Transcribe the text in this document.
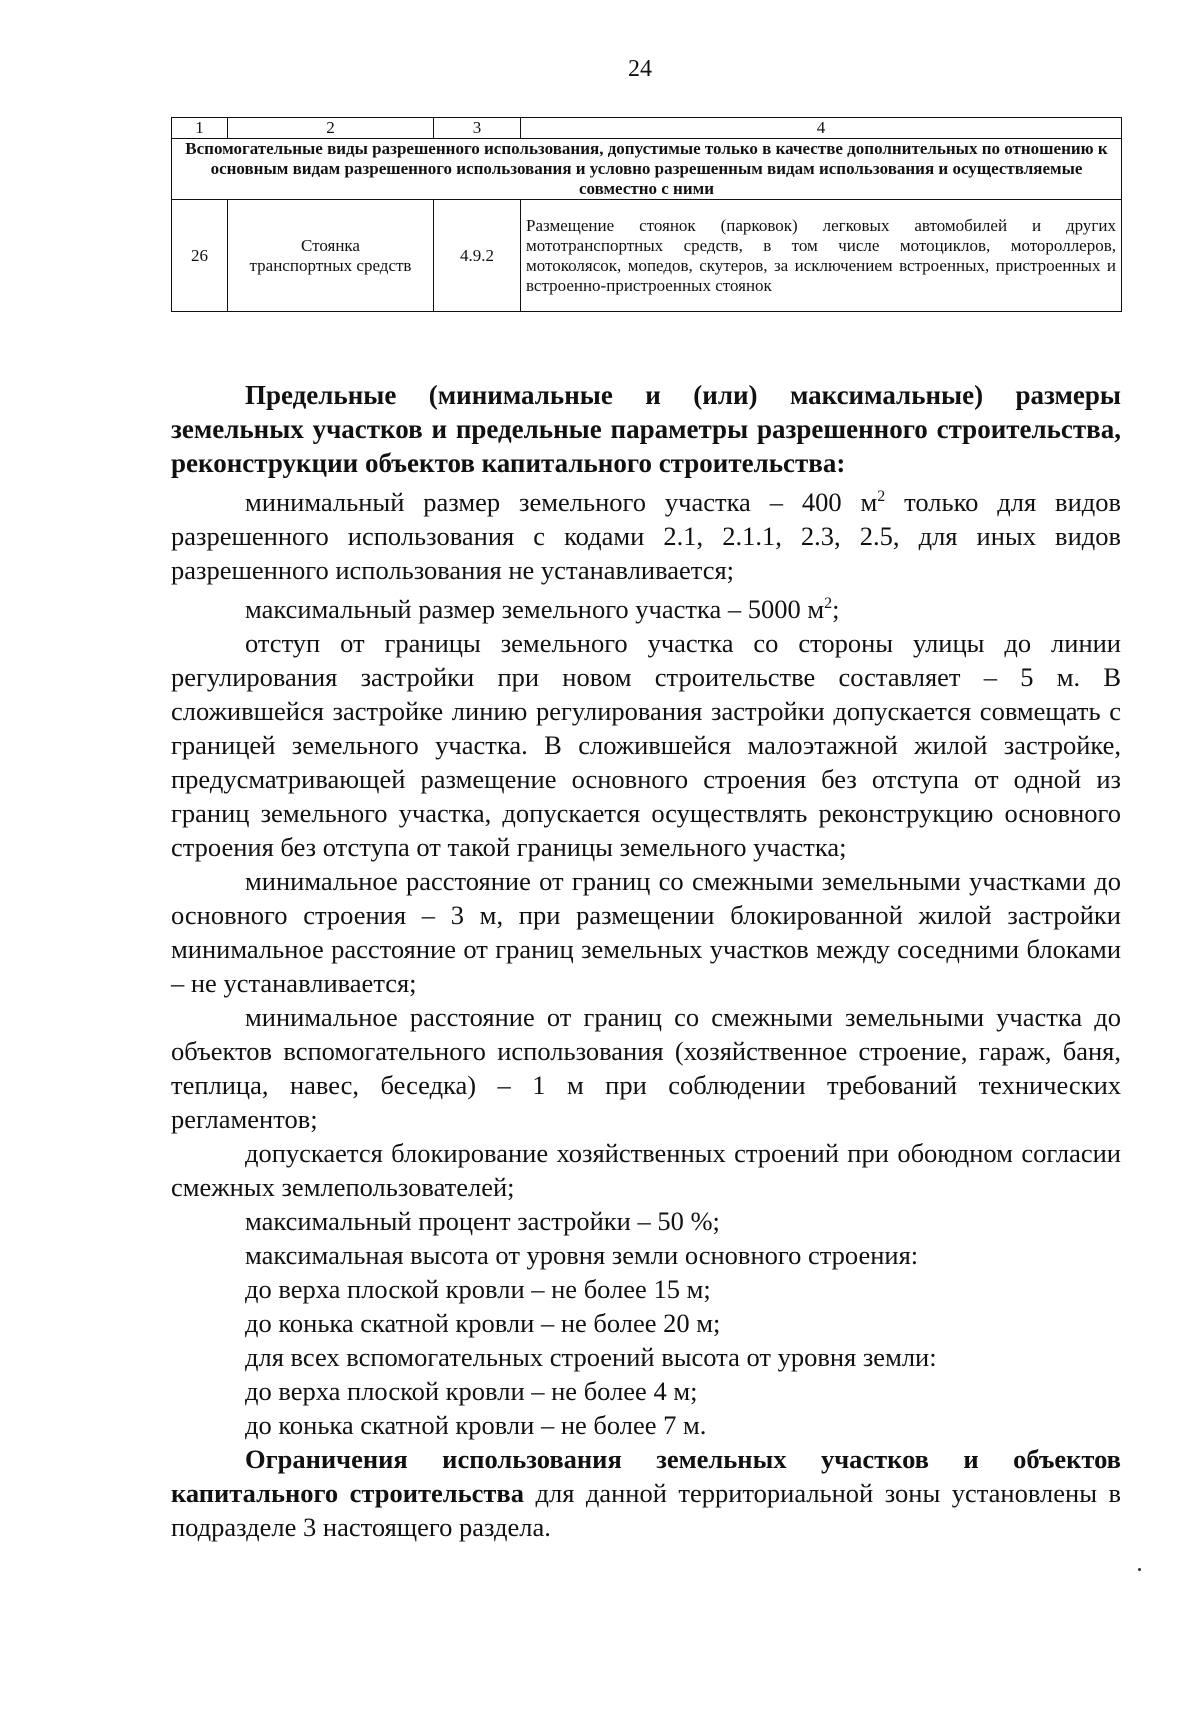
24
1	2	3	4
Вспомогательные виды разрешенного использования, допустимые только в качестве дополнительных по отношению к основным видам разрешенного использования и условно разрешенным видам использования и осуществляемые совместно с ними			
26	Стоянка транспортных средств	4.9.2	Размещение стоянок (парковок) легковых автомобилей и других мототранспортных средств, в том числе мотоциклов, мотороллеров, мотоколясок, мопедов, скутеров, за исключением встроенных, пристроенных и встроенно-пристроенных стоянок

Предельные (минимальные и (или) максимальные) размеры земельных участков и предельные параметры разрешенного строительства, реконструкции объектов капитального строительства:

минимальный размер земельного участка – 400 $м^2$ только для видов разрешенного использования с кодами 2.1, 2.1.1, 2.3, 2.5, для иных видов разрешенного использования не устанавливается;

максимальный размер земельного участка – 5000 $м^2$;

отступ от границы земельного участка со стороны улицы до линии регулирования застройки при новом строительстве составляет – 5 м. В сложившейся застройке линию регулирования застройки допускается совмещать с границей земельного участка. В сложившейся малоэтажной жилой застройке, предусматривающей размещение основного строения без отступа от одной из границ земельного участка, допускается осуществлять реконструкцию основного строения без отступа от такой границы земельного участка;

минимальное расстояние от границ со смежными земельными участками до основного строения – 3 м, при размещении блокированной жилой застройки минимальное расстояние от границ земельных участков между соседними блоками – не устанавливается;

минимальное расстояние от границ со смежными земельными участка до объектов вспомогательного использования (хозяйственное строение, гараж, баня, теплица, навес, беседка) – 1 м при соблюдении требований технических регламентов;

допускается блокирование хозяйственных строений при обоюдном согласии смежных землепользователей;

максимальный процент застройки – 50 %;

максимальная высота от уровня земли основного строения:

до верха плоской кровли – не более 15 м;

до конька скатной кровли – не более 20 м;

для всех вспомогательных строений высота от уровня земли:

до верха плоской кровли – не более 4 м;

до конька скатной кровли – не более 7 м.

Ограничения использования земельных участков и объектов капитального строительства для данной территориальной зоны установлены в подразделе 3 настоящего раздела.
